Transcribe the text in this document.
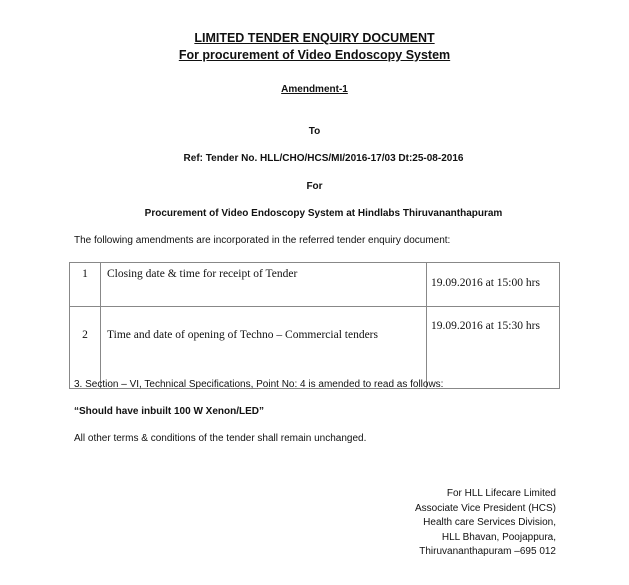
LIMITED TENDER ENQUIRY DOCUMENT
For procurement of Video Endoscopy System
Amendment-1
To
Ref: Tender No. HLL/CHO/HCS/MI/2016-17/03 Dt:25-08-2016
For
Procurement of Video Endoscopy System at Hindlabs Thiruvananthapuram
The following amendments are incorporated in the referred tender enquiry document:
1	Closing date & time for receipt of Tender	19.09.2016 at 15:00 hrs
2	Time and date of opening of Techno – Commercial tenders	19.09.2016 at 15:30 hrs
3. Section – VI, Technical Specifications, Point No: 4 is amended to read as follows:
“Should have inbuilt 100 W Xenon/LED”
All other terms & conditions of the tender shall remain unchanged.
For HLL Lifecare Limited
Associate Vice President (HCS)
Health care Services Division,
HLL Bhavan, Poojappura,
Thiruvananthapuram –695 012
